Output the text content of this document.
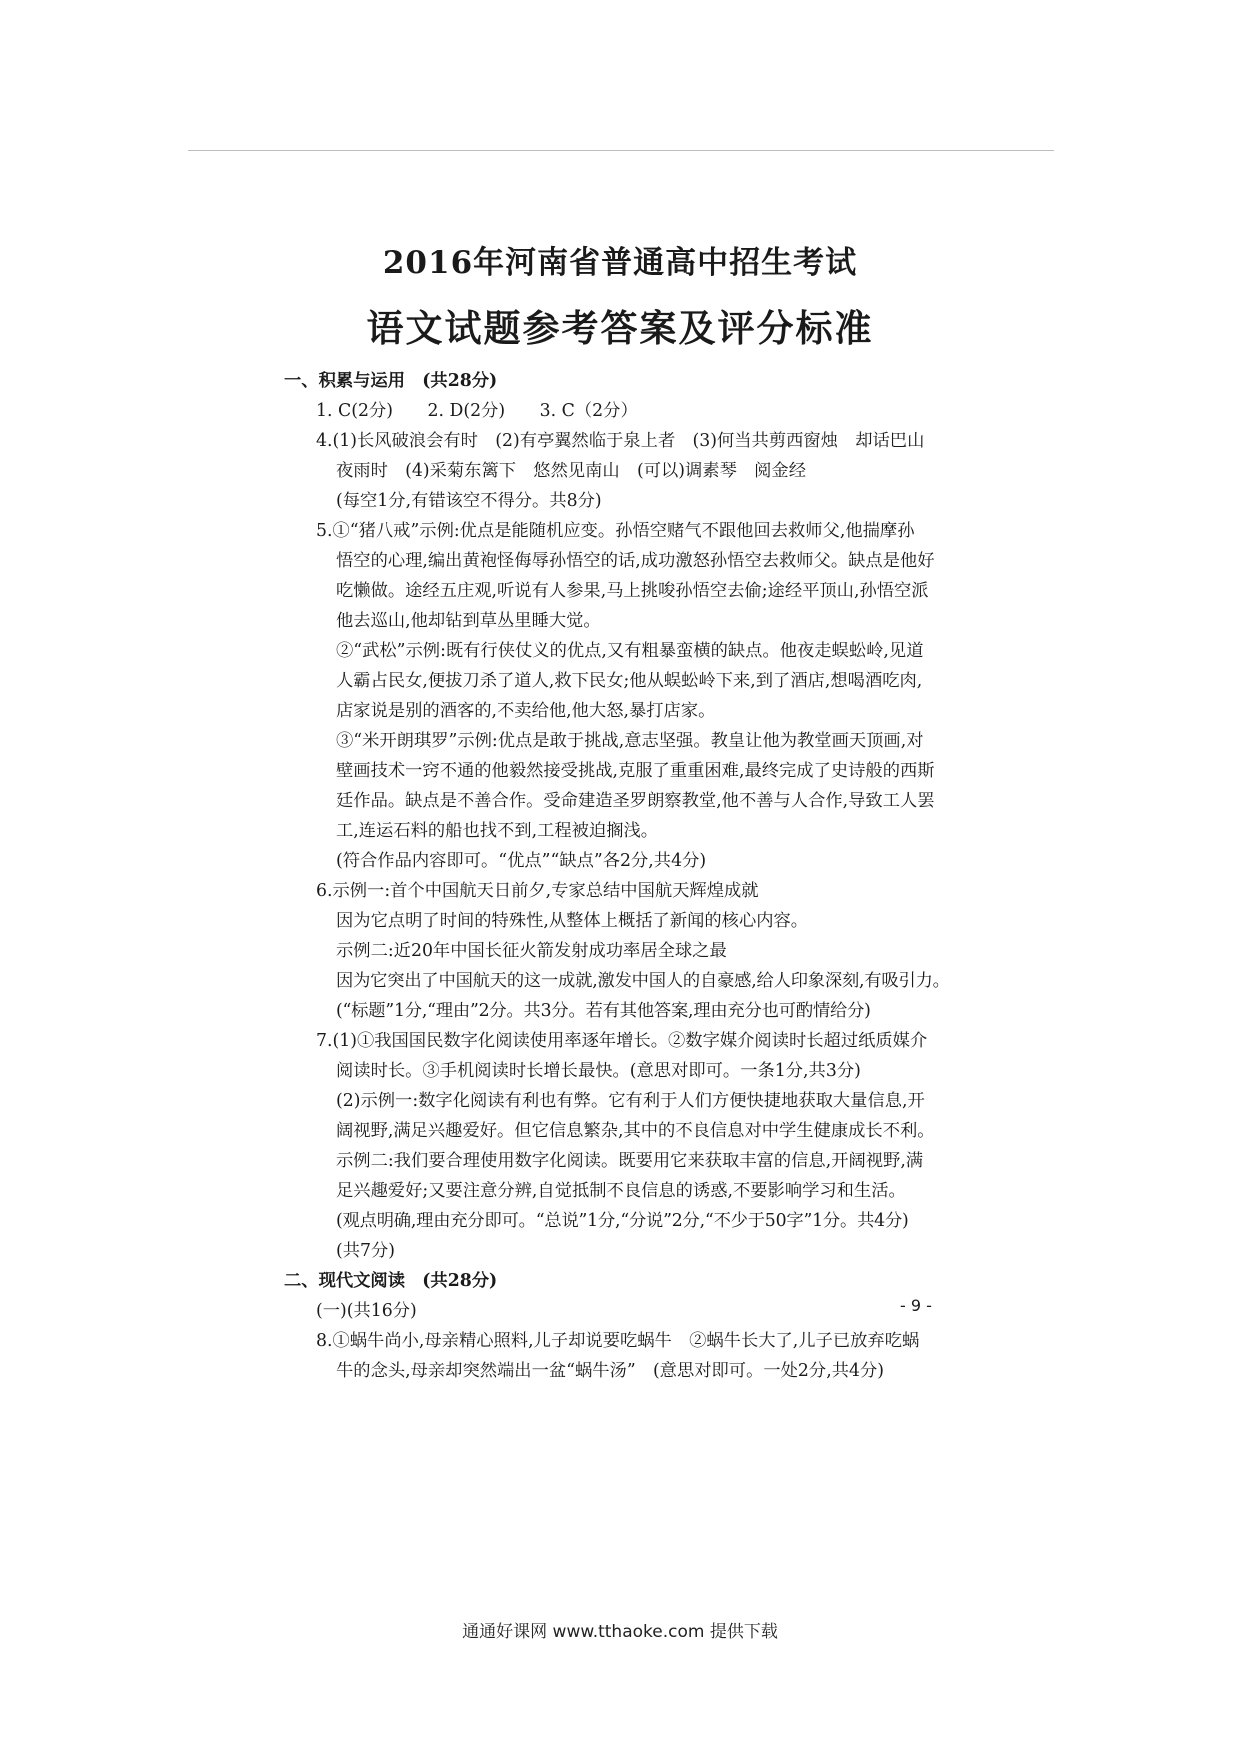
2016年河南省普通高中招生考试
语文试题参考答案及评分标准
一、积累与运用　(共28分)
1. C(2分)　　2. D(2分)　　3. C（2分）
4.(1)长风破浪会有时　(2)有亭翼然临于泉上者　(3)何当共剪西窗烛　却话巴山
夜雨时　(4)采菊东篱下　悠然见南山　(可以)调素琴　阅金经
(每空1分,有错该空不得分。共8分)
5.①“猪八戒”示例:优点是能随机应变。孙悟空赌气不跟他回去救师父,他揣摩孙
悟空的心理,编出黄袍怪侮辱孙悟空的话,成功激怒孙悟空去救师父。缺点是他好
吃懒做。途经五庄观,听说有人参果,马上挑唆孙悟空去偷;途经平顶山,孙悟空派
他去巡山,他却钻到草丛里睡大觉。
②“武松”示例:既有行侠仗义的优点,又有粗暴蛮横的缺点。他夜走蜈蚣岭,见道
人霸占民女,便拔刀杀了道人,救下民女;他从蜈蚣岭下来,到了酒店,想喝酒吃肉,
店家说是别的酒客的,不卖给他,他大怒,暴打店家。
③“米开朗琪罗”示例:优点是敢于挑战,意志坚强。教皇让他为教堂画天顶画,对
壁画技术一窍不通的他毅然接受挑战,克服了重重困难,最终完成了史诗般的西斯
廷作品。缺点是不善合作。受命建造圣罗朗察教堂,他不善与人合作,导致工人罢
工,连运石料的船也找不到,工程被迫搁浅。
(符合作品内容即可。“优点”“缺点”各2分,共4分)
6.示例一:首个中国航天日前夕,专家总结中国航天辉煌成就
因为它点明了时间的特殊性,从整体上概括了新闻的核心内容。
示例二:近20年中国长征火箭发射成功率居全球之最
因为它突出了中国航天的这一成就,激发中国人的自豪感,给人印象深刻,有吸引力。
(“标题”1分,“理由”2分。共3分。若有其他答案,理由充分也可酌情给分)
7.(1)①我国国民数字化阅读使用率逐年增长。②数字媒介阅读时长超过纸质媒介
阅读时长。③手机阅读时长增长最快。(意思对即可。一条1分,共3分)
(2)示例一:数字化阅读有利也有弊。它有利于人们方便快捷地获取大量信息,开
阔视野,满足兴趣爱好。但它信息繁杂,其中的不良信息对中学生健康成长不利。
示例二:我们要合理使用数字化阅读。既要用它来获取丰富的信息,开阔视野,满
足兴趣爱好;又要注意分辨,自觉抵制不良信息的诱惑,不要影响学习和生活。
(观点明确,理由充分即可。“总说”1分,“分说”2分,“不少于50字”1分。共4分)
(共7分)
二、现代文阅读　(共28分)
(一)(共16分)
8.①蜗牛尚小,母亲精心照料,儿子却说要吃蜗牛　②蜗牛长大了,儿子已放弃吃蜗
牛的念头,母亲却突然端出一盆“蜗牛汤”　(意思对即可。一处2分,共4分)
- 9 -
通通好课网 www.tthaoke.com 提供下载
